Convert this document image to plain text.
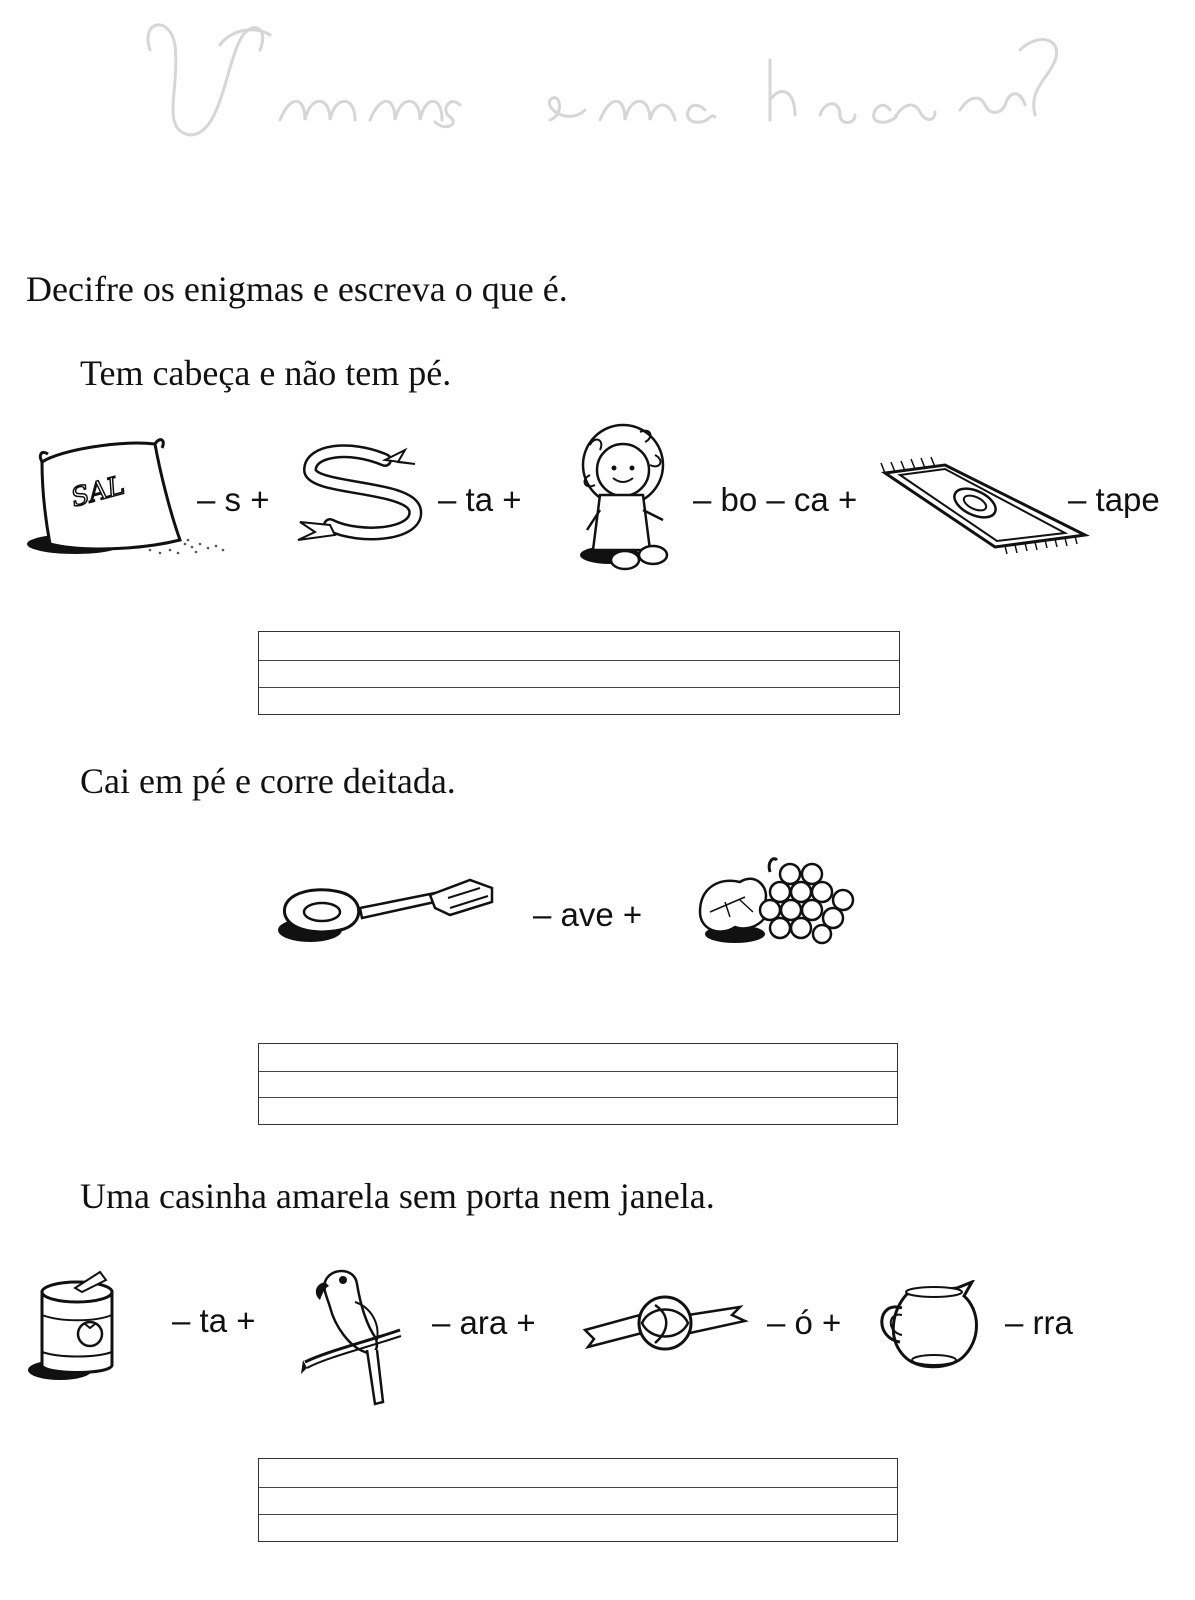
Decifre os enigmas e escreva o que é.

Tem cabeça e não tem pé.

SAL – s +	– ta +	– bo – ca +	– tape

Cai em pé e corre deitada.

– ave +

Uma casinha amarela sem porta nem janela.

– ta +	– ara +	– ó +	– rra
